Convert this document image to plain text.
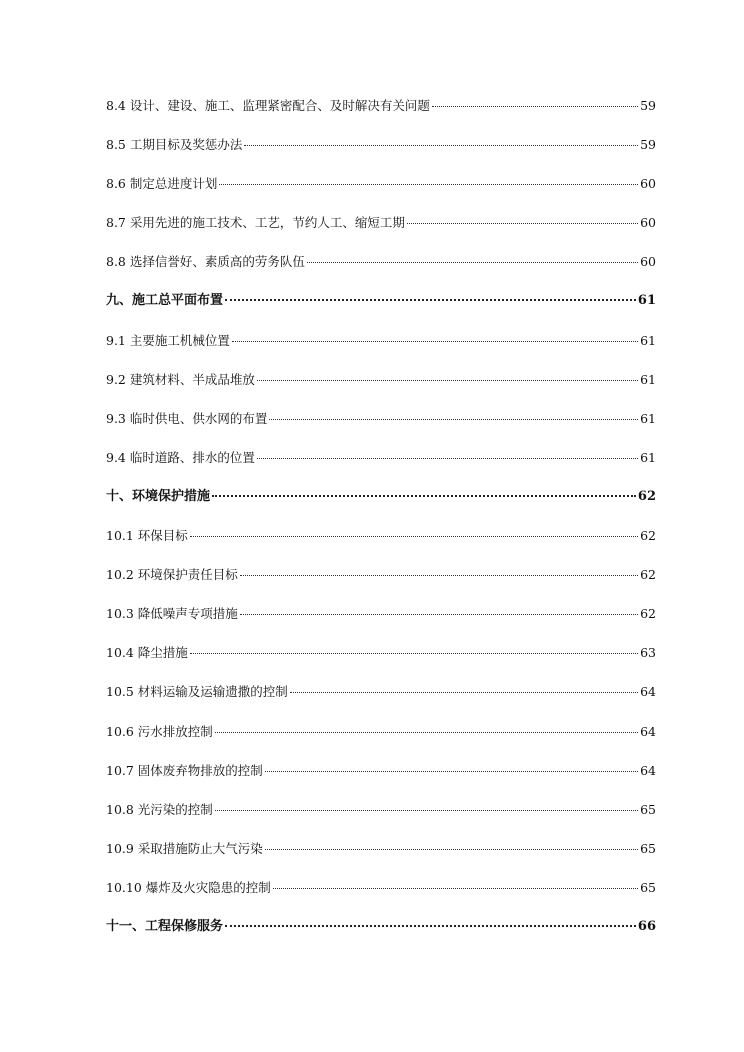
8.4 设计、建设、施工、监理紧密配合、及时解决有关问题	59
8.5 工期目标及奖惩办法	59
8.6 制定总进度计划	60
8.7 采用先进的施工技术、工艺，节约人工、缩短工期	60
8.8 选择信誉好、素质高的劳务队伍	60
九、施工总平面布置	61
9.1 主要施工机械位置	61
9.2 建筑材料、半成品堆放	61
9.3 临时供电、供水网的布置	61
9.4 临时道路、排水的位置	61
十、环境保护措施	62
10.1 环保目标	62
10.2 环境保护责任目标	62
10.3 降低噪声专项措施	62
10.4 降尘措施	63
10.5 材料运输及运输遗撒的控制	64
10.6 污水排放控制	64
10.7 固体废弃物排放的控制	64
10.8 光污染的控制	65
10.9 采取措施防止大气污染	65
10.10 爆炸及火灾隐患的控制	65
十一、工程保修服务	66
